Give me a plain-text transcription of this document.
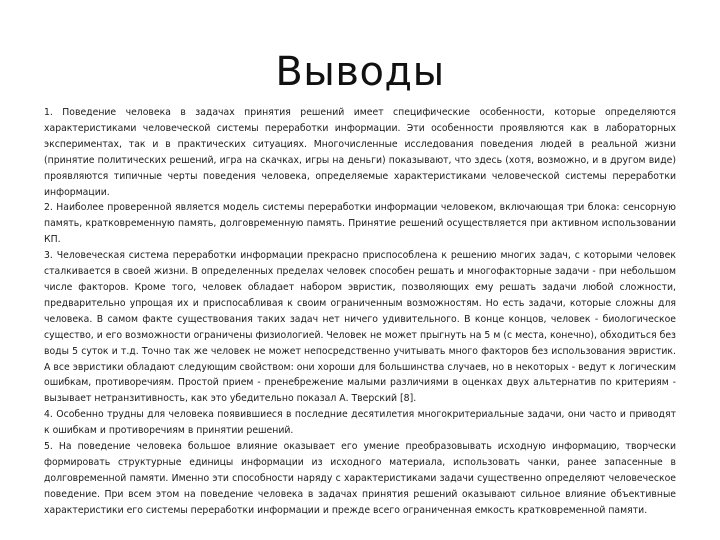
Выводы

1. Поведение человека в задачах принятия решений имеет специфические особенности, которые определяются характеристиками человеческой системы переработки информации. Эти особенности проявляются как в лабораторных экспериментах, так и в практических ситуациях. Многочисленные исследования поведения людей в реальной жизни (принятие политических решений, игра на скачках, игры на деньги) показывают, что здесь (хотя, возможно, и в другом виде) проявляются типичные черты поведения человека, определяемые характеристиками человеческой системы переработки информации.

2. Наиболее проверенной является модель системы переработки информации человеком, включающая три блока: сенсорную память, кратковременную память, долговременную память. Принятие решений осуществляется при активном использовании КП.

3. Человеческая система переработки информации прекрасно приспособлена к решению многих задач, с которыми человек сталкивается в своей жизни. В определенных пределах человек способен решать и многофакторные задачи - при небольшом числе факторов. Кроме того, человек обладает набором эвристик, позволяющих ему решать задачи любой сложности, предварительно упрощая их и приспосабливая к своим ограниченным возможностям. Но есть задачи, которые сложны для человека. В самом факте существования таких задач нет ничего удивительного. В конце концов, человек - биологическое существо, и его возможности ограничены физиологией. Человек не может прыгнуть на 5 м (с места, конечно), обходиться без воды 5 суток и т.д. Точно так же человек не может непосредственно учитывать много факторов без использования эвристик. А все эвристики обладают следующим свойством: они хороши для большинства случаев, но в некоторых - ведут к логическим ошибкам, противоречиям. Простой прием - пренебрежение малыми различиями в оценках двух альтернатив по критериям - вызывает нетранзитивность, как это убедительно показал А. Тверский [8].

4. Особенно трудны для человека появившиеся в последние десятилетия многокритериальные задачи, они часто и приводят к ошибкам и противоречиям в принятии решений.

5. На поведение человека большое влияние оказывает его умение преобразовывать исходную информацию, творчески формировать структурные единицы информации из исходного материала, использовать чанки, ранее запасенные в долговременной памяти. Именно эти способности наряду с характеристиками задачи существенно определяют человеческое поведение. При всем этом на поведение человека в задачах принятия решений оказывают сильное влияние объективные характеристики его системы переработки информации и прежде всего ограниченная емкость кратковременной памяти.
